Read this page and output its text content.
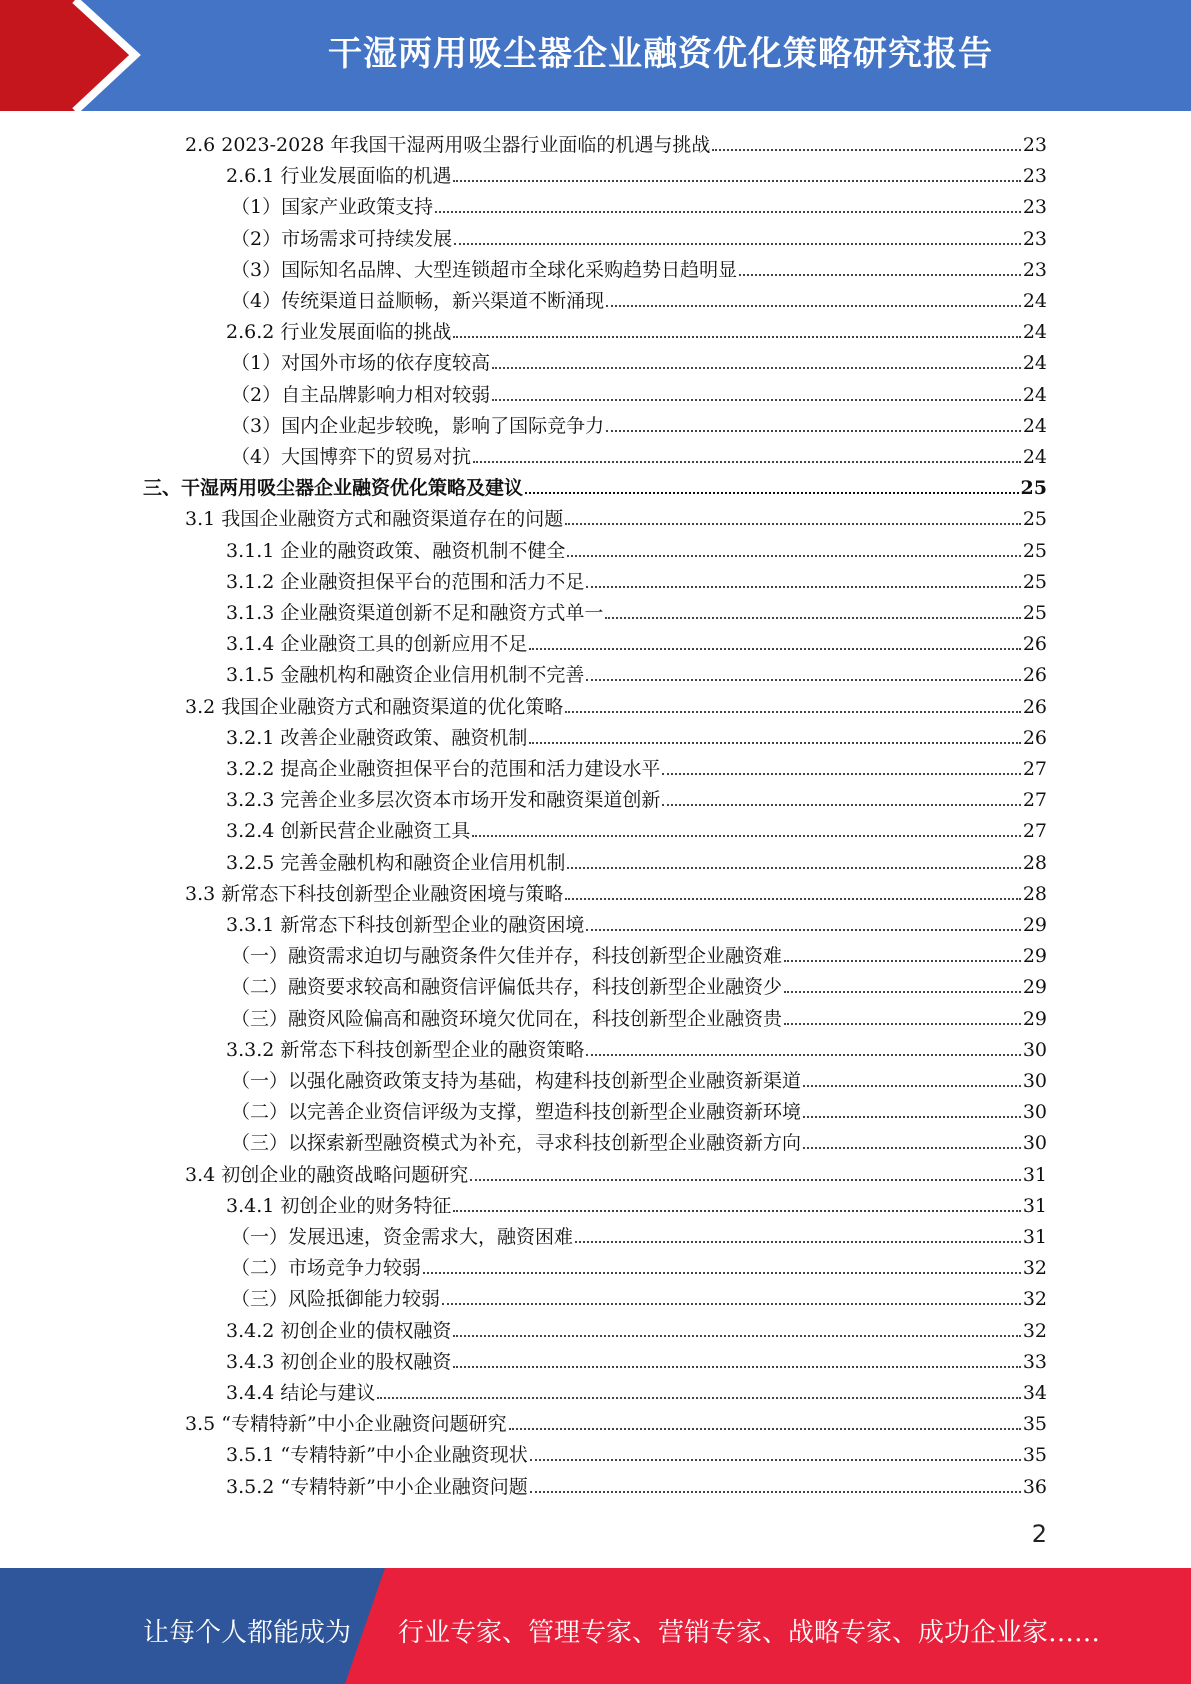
干湿两用吸尘器企业融资优化策略研究报告
2.6 2023-2028 年我国干湿两用吸尘器行业面临的机遇与挑战	23
2.6.1 行业发展面临的机遇	23
（1）国家产业政策支持	23
（2）市场需求可持续发展	23
（3）国际知名品牌、大型连锁超市全球化采购趋势日趋明显	23
（4）传统渠道日益顺畅，新兴渠道不断涌现	24
2.6.2 行业发展面临的挑战	24
（1）对国外市场的依存度较高	24
（2）自主品牌影响力相对较弱	24
（3）国内企业起步较晚，影响了国际竞争力	24
（4）大国博弈下的贸易对抗	24
三、干湿两用吸尘器企业融资优化策略及建议	25
3.1 我国企业融资方式和融资渠道存在的问题	25
3.1.1 企业的融资政策、融资机制不健全	25
3.1.2 企业融资担保平台的范围和活力不足	25
3.1.3 企业融资渠道创新不足和融资方式单一	25
3.1.4 企业融资工具的创新应用不足	26
3.1.5 金融机构和融资企业信用机制不完善	26
3.2 我国企业融资方式和融资渠道的优化策略	26
3.2.1 改善企业融资政策、融资机制	26
3.2.2 提高企业融资担保平台的范围和活力建设水平	27
3.2.3 完善企业多层次资本市场开发和融资渠道创新	27
3.2.4 创新民营企业融资工具	27
3.2.5 完善金融机构和融资企业信用机制	28
3.3 新常态下科技创新型企业融资困境与策略	28
3.3.1 新常态下科技创新型企业的融资困境	29
（一）融资需求迫切与融资条件欠佳并存，科技创新型企业融资难	29
（二）融资要求较高和融资信评偏低共存，科技创新型企业融资少	29
（三）融资风险偏高和融资环境欠优同在，科技创新型企业融资贵	29
3.3.2 新常态下科技创新型企业的融资策略	30
（一）以强化融资政策支持为基础，构建科技创新型企业融资新渠道	30
（二）以完善企业资信评级为支撑，塑造科技创新型企业融资新环境	30
（三）以探索新型融资模式为补充，寻求科技创新型企业融资新方向	30
3.4 初创企业的融资战略问题研究	31
3.4.1 初创企业的财务特征	31
（一）发展迅速，资金需求大，融资困难	31
（二）市场竞争力较弱	32
（三）风险抵御能力较弱	32
3.4.2 初创企业的债权融资	32
3.4.3 初创企业的股权融资	33
3.4.4 结论与建议	34
3.5 “专精特新”中小企业融资问题研究	35
3.5.1 “专精特新”中小企业融资现状	35
3.5.2 “专精特新”中小企业融资问题	36
2
让每个人都能成为 行业专家、管理专家、营销专家、战略专家、成功企业家……
